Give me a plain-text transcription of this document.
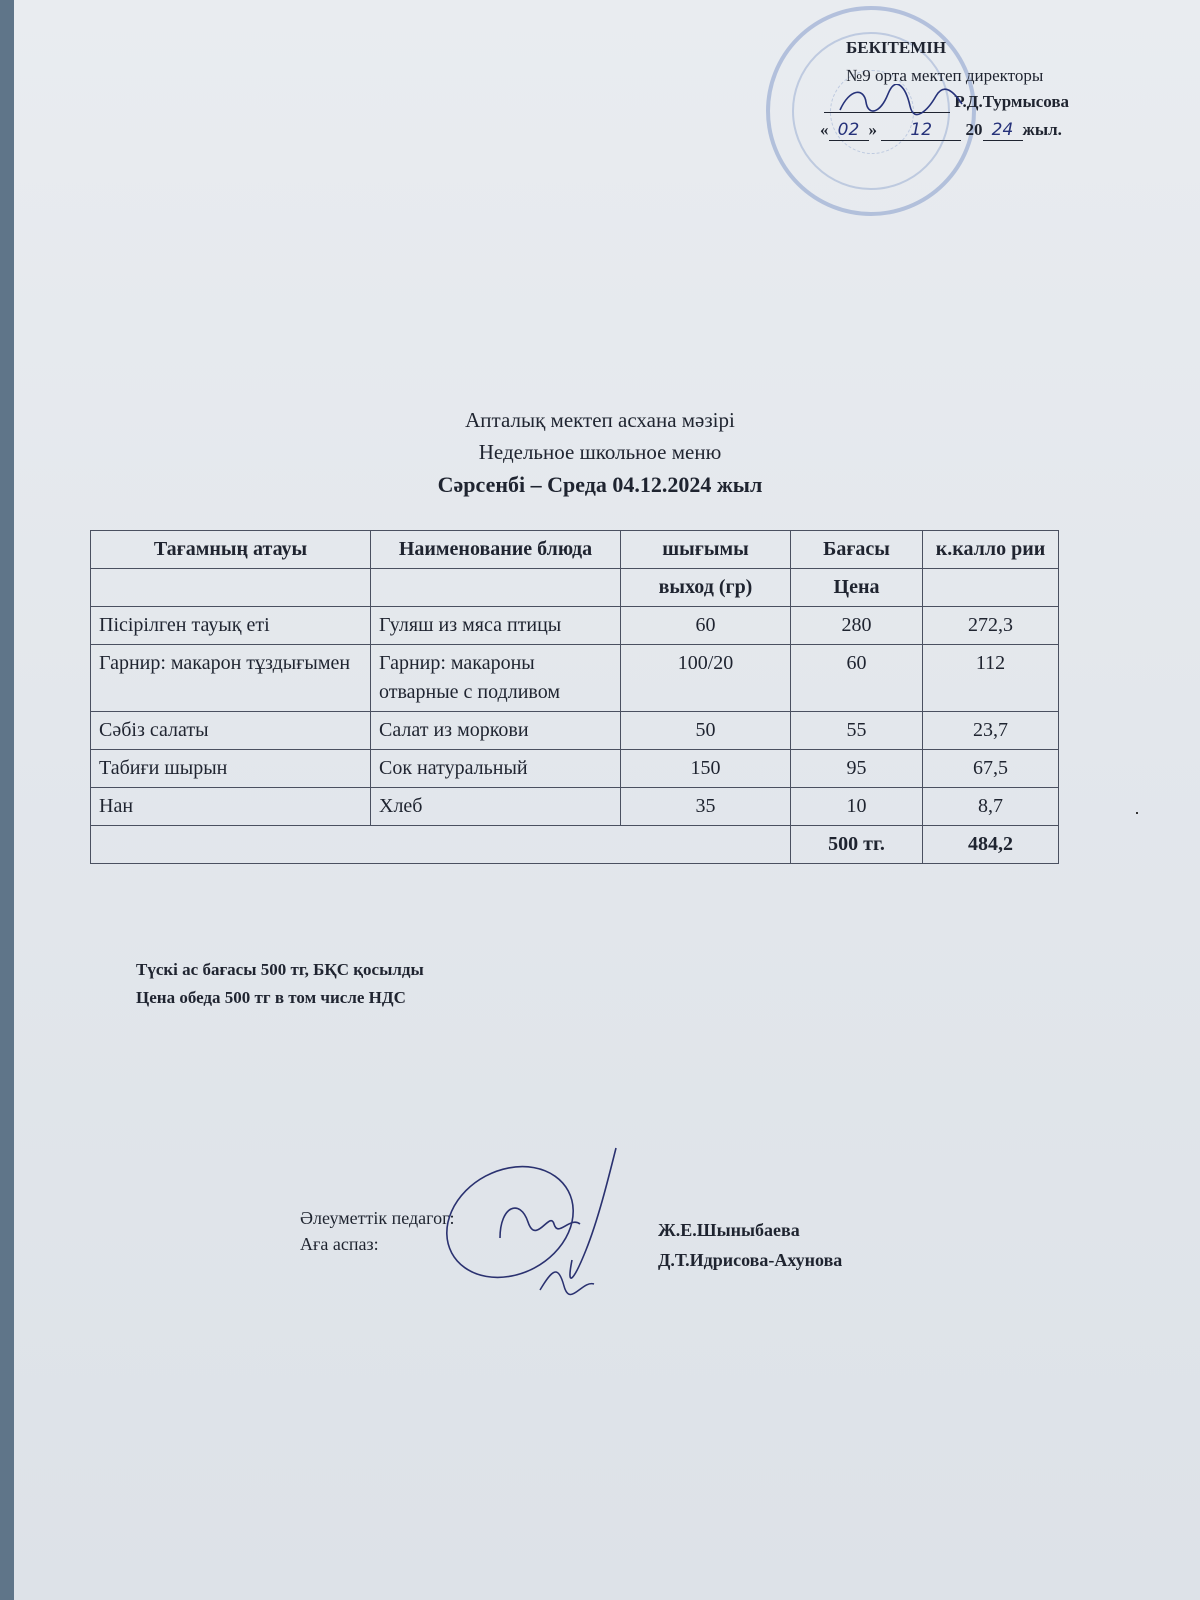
БЕКІТЕМІН
№9 орта мектеп директоры
Р.Д.Турмысова
« 02 » 12 20 24 жыл.
Апталық мектеп асхана мәзірі
Недельное школьное меню
Сәрсенбі – Среда 04.12.2024 жыл
Тағамның атауы	Наименование блюда	шығымы	Бағасы	к.калло рии
		выход (гр)	Цена	
Пісірілген тауық еті	Гуляш из мяса птицы	60	280	272,3
Гарнир: макарон тұздығымен	Гарнир: макароны отварные с подливом	100/20	60	112
Сәбіз салаты	Салат из моркови	50	55	23,7
Табиғи шырын	Сок натуральный	150	95	67,5
Нан	Хлеб	35	10	8,7
			500 тг.	484,2
Түскі ас бағасы 500 тг, БҚС қосылды
Цена обеда 500 тг в том числе НДС
Әлеуметтік педагог:
Аға аспаз:
Ж.Е.Шыныбаева
Д.Т.Идрисова-Ахунова
